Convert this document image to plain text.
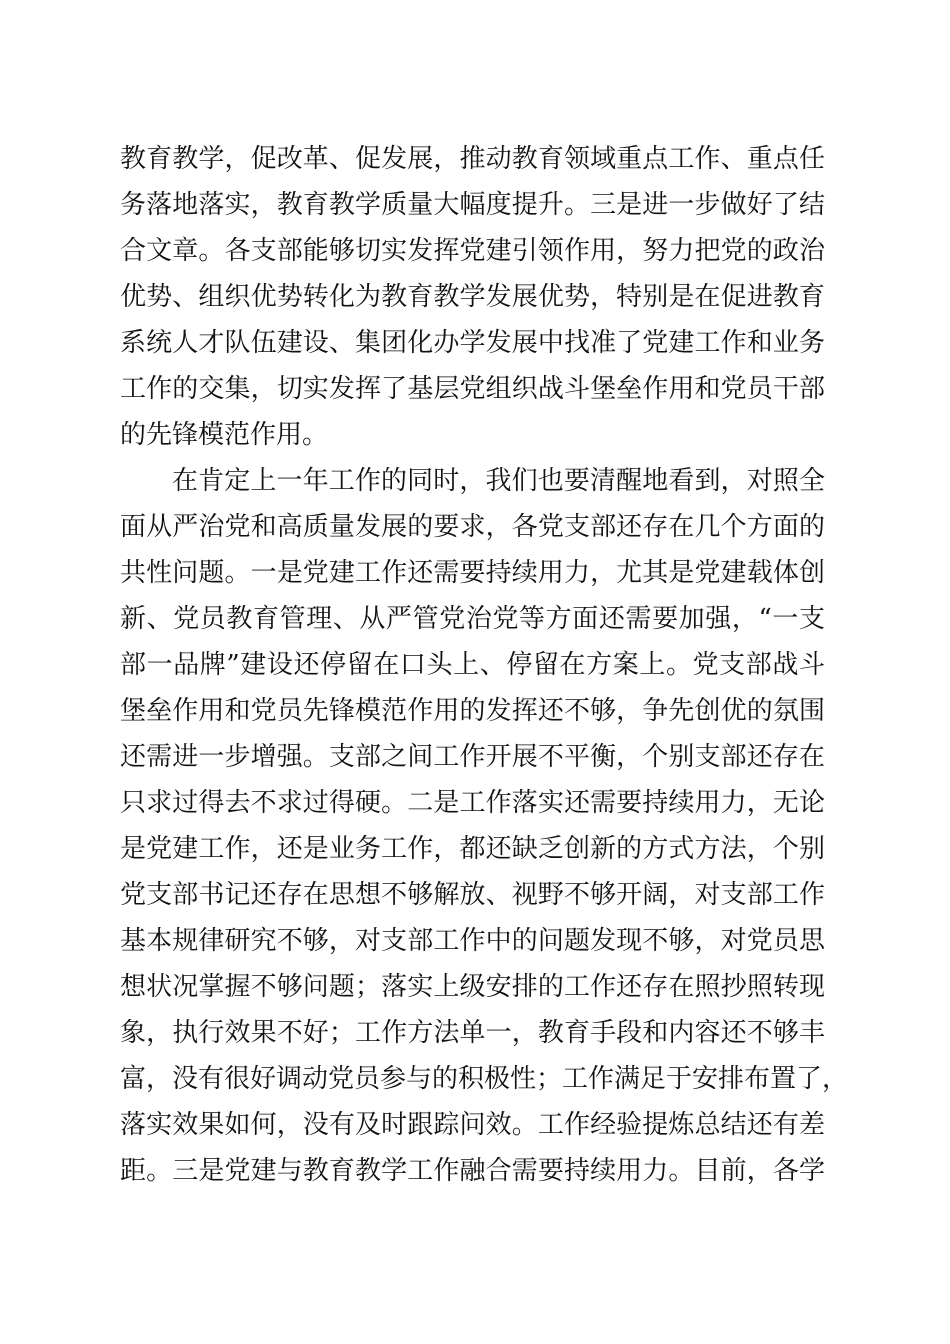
教育教学，促改革、促发展，推动教育领域重点工作、重点任
务落地落实，教育教学质量大幅度提升。三是进一步做好了结
合文章。各支部能够切实发挥党建引领作用，努力把党的政治
优势、组织优势转化为教育教学发展优势，特别是在促进教育
系统人才队伍建设、集团化办学发展中找准了党建工作和业务
工作的交集，切实发挥了基层党组织战斗堡垒作用和党员干部
的先锋模范作用。
在肯定上一年工作的同时，我们也要清醒地看到，对照全
面从严治党和高质量发展的要求，各党支部还存在几个方面的
共性问题。一是党建工作还需要持续用力，尤其是党建载体创
新、党员教育管理、从严管党治党等方面还需要加强，“一支
部一品牌”建设还停留在口头上、停留在方案上。党支部战斗
堡垒作用和党员先锋模范作用的发挥还不够，争先创优的氛围
还需进一步增强。支部之间工作开展不平衡，个别支部还存在
只求过得去不求过得硬。二是工作落实还需要持续用力，无论
是党建工作，还是业务工作，都还缺乏创新的方式方法，个别
党支部书记还存在思想不够解放、视野不够开阔，对支部工作
基本规律研究不够，对支部工作中的问题发现不够，对党员思
想状况掌握不够问题；落实上级安排的工作还存在照抄照转现
象，执行效果不好；工作方法单一，教育手段和内容还不够丰
富，没有很好调动党员参与的积极性；工作满足于安排布置了，
落实效果如何，没有及时跟踪问效。工作经验提炼总结还有差
距。三是党建与教育教学工作融合需要持续用力。目前，各学
